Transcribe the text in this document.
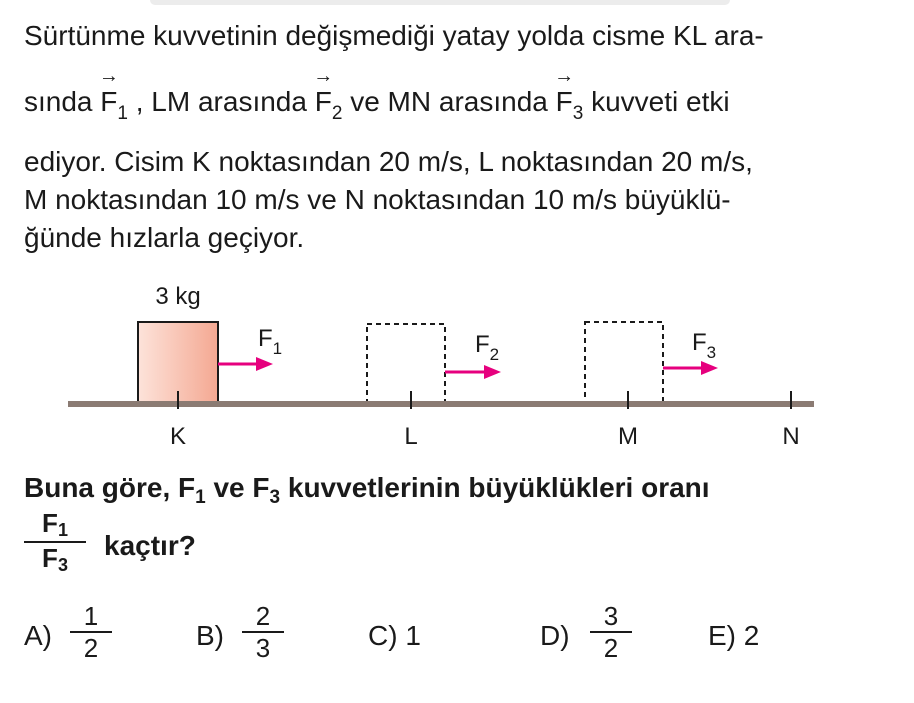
Sürtünme kuvvetinin değişmediği yatay yolda cisme KL ara-
sında
→
$F_1$ , LM arasında
→
$F_2$ ve MN arasında
→
$F_3$ kuvveti etki
ediyor. Cisim K noktasından 20 m/s, L noktasından 20 m/s,
M noktasından 10 m/s ve N noktasından 10 m/s büyüklü-
ğünde hızlarla geçiyor.
3 kg
$F_1$	$F_2$	$F_3$
K	L	M	N
Buna göre, $F_1$ ve $F_3$ kuvvetlerinin büyüklükleri oranı
F1
F3
kaçtır?
A)
1
2	B)
2
3	C) 1	D)
3
2	E) 2
